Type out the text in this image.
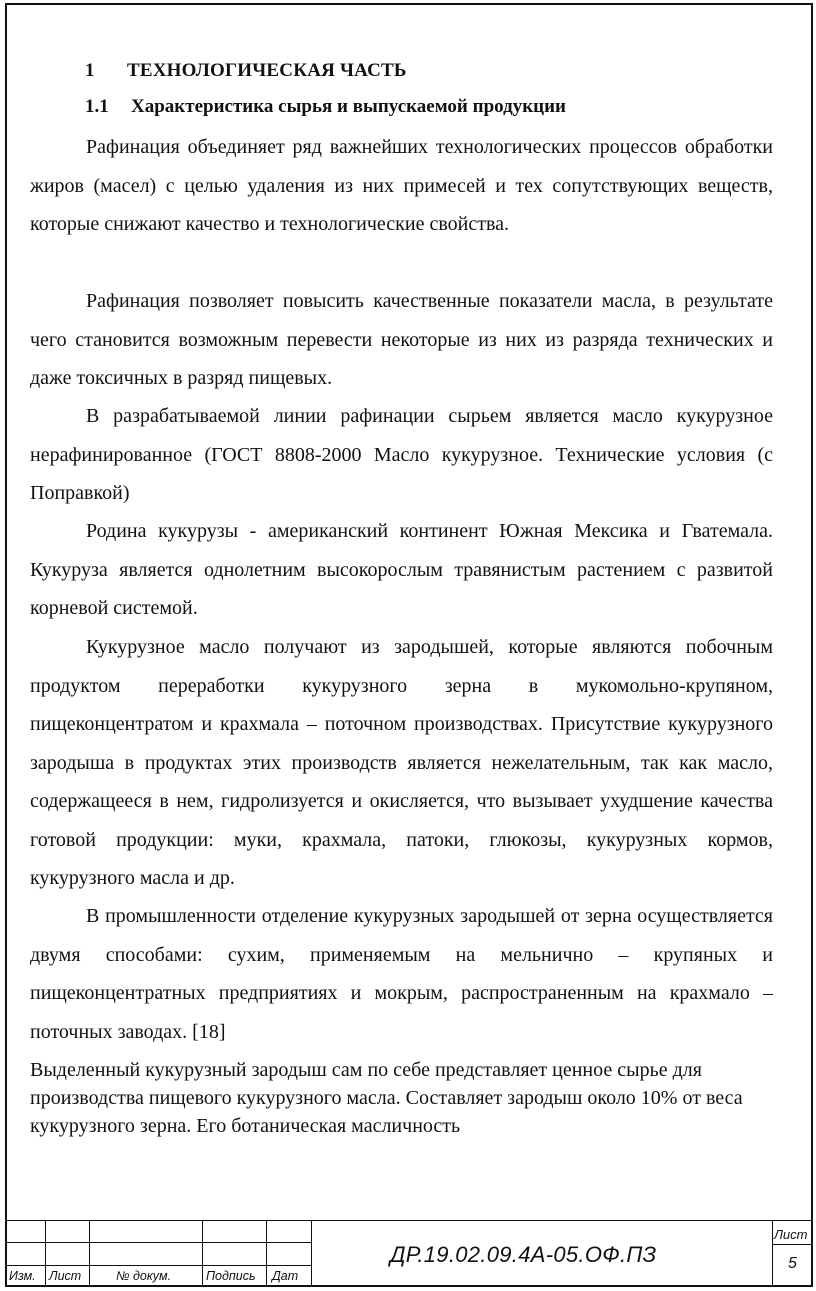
1 ТЕХНОЛОГИЧЕСКАЯ ЧАСТЬ
1.1 Характеристика сырья и выпускаемой продукции

Рафинация объединяет ряд важнейших технологических процессов обработки жиров (масел) с целью удаления из них примесей и тех сопутствующих веществ, которые снижают качество и технологические свойства.

Рафинация позволяет повысить качественные показатели масла, в результате чего становится возможным перевести некоторые из них из разряда технических и даже токсичных в разряд пищевых.

В разрабатываемой линии рафинации сырьем является масло кукурузное нерафинированное (ГОСТ 8808-2000 Масло кукурузное. Технические условия (с Поправкой)

Родина кукурузы - американский континент Южная Мексика и Гватемала. Кукуруза является однолетним высокорослым травянистым растением с развитой корневой системой.

Кукурузное масло получают из зародышей, которые являются побочным продуктом переработки кукурузного зерна в мукомольно-крупяном, пищеконцентратом и крахмала – поточном производствах. Присутствие кукурузного зародыша в продуктах этих производств является нежелательным, так как масло, содержащееся в нем, гидролизуется и окисляется, что вызывает ухудшение качества готовой продукции: муки, крахмала, патоки, глюкозы, кукурузных кормов, кукурузного масла и др.

В промышленности отделение кукурузных зародышей от зерна осуществляется двумя способами: сухим, применяемым на мельнично – крупяных и пищеконцентратных предприятиях и мокрым, распространенным на крахмало – поточных заводах. [18]

Выделенный кукурузный зародыш сам по себе представляет ценное сырье для производства пищевого кукурузного масла. Составляет зародыш около 10% от веса кукурузного зерна. Его ботаническая масличность

Изм. Лист	№ докум.	Подпись Дат
ДР.19.02.09.4А-05.ОФ.ПЗ
Лист
5
